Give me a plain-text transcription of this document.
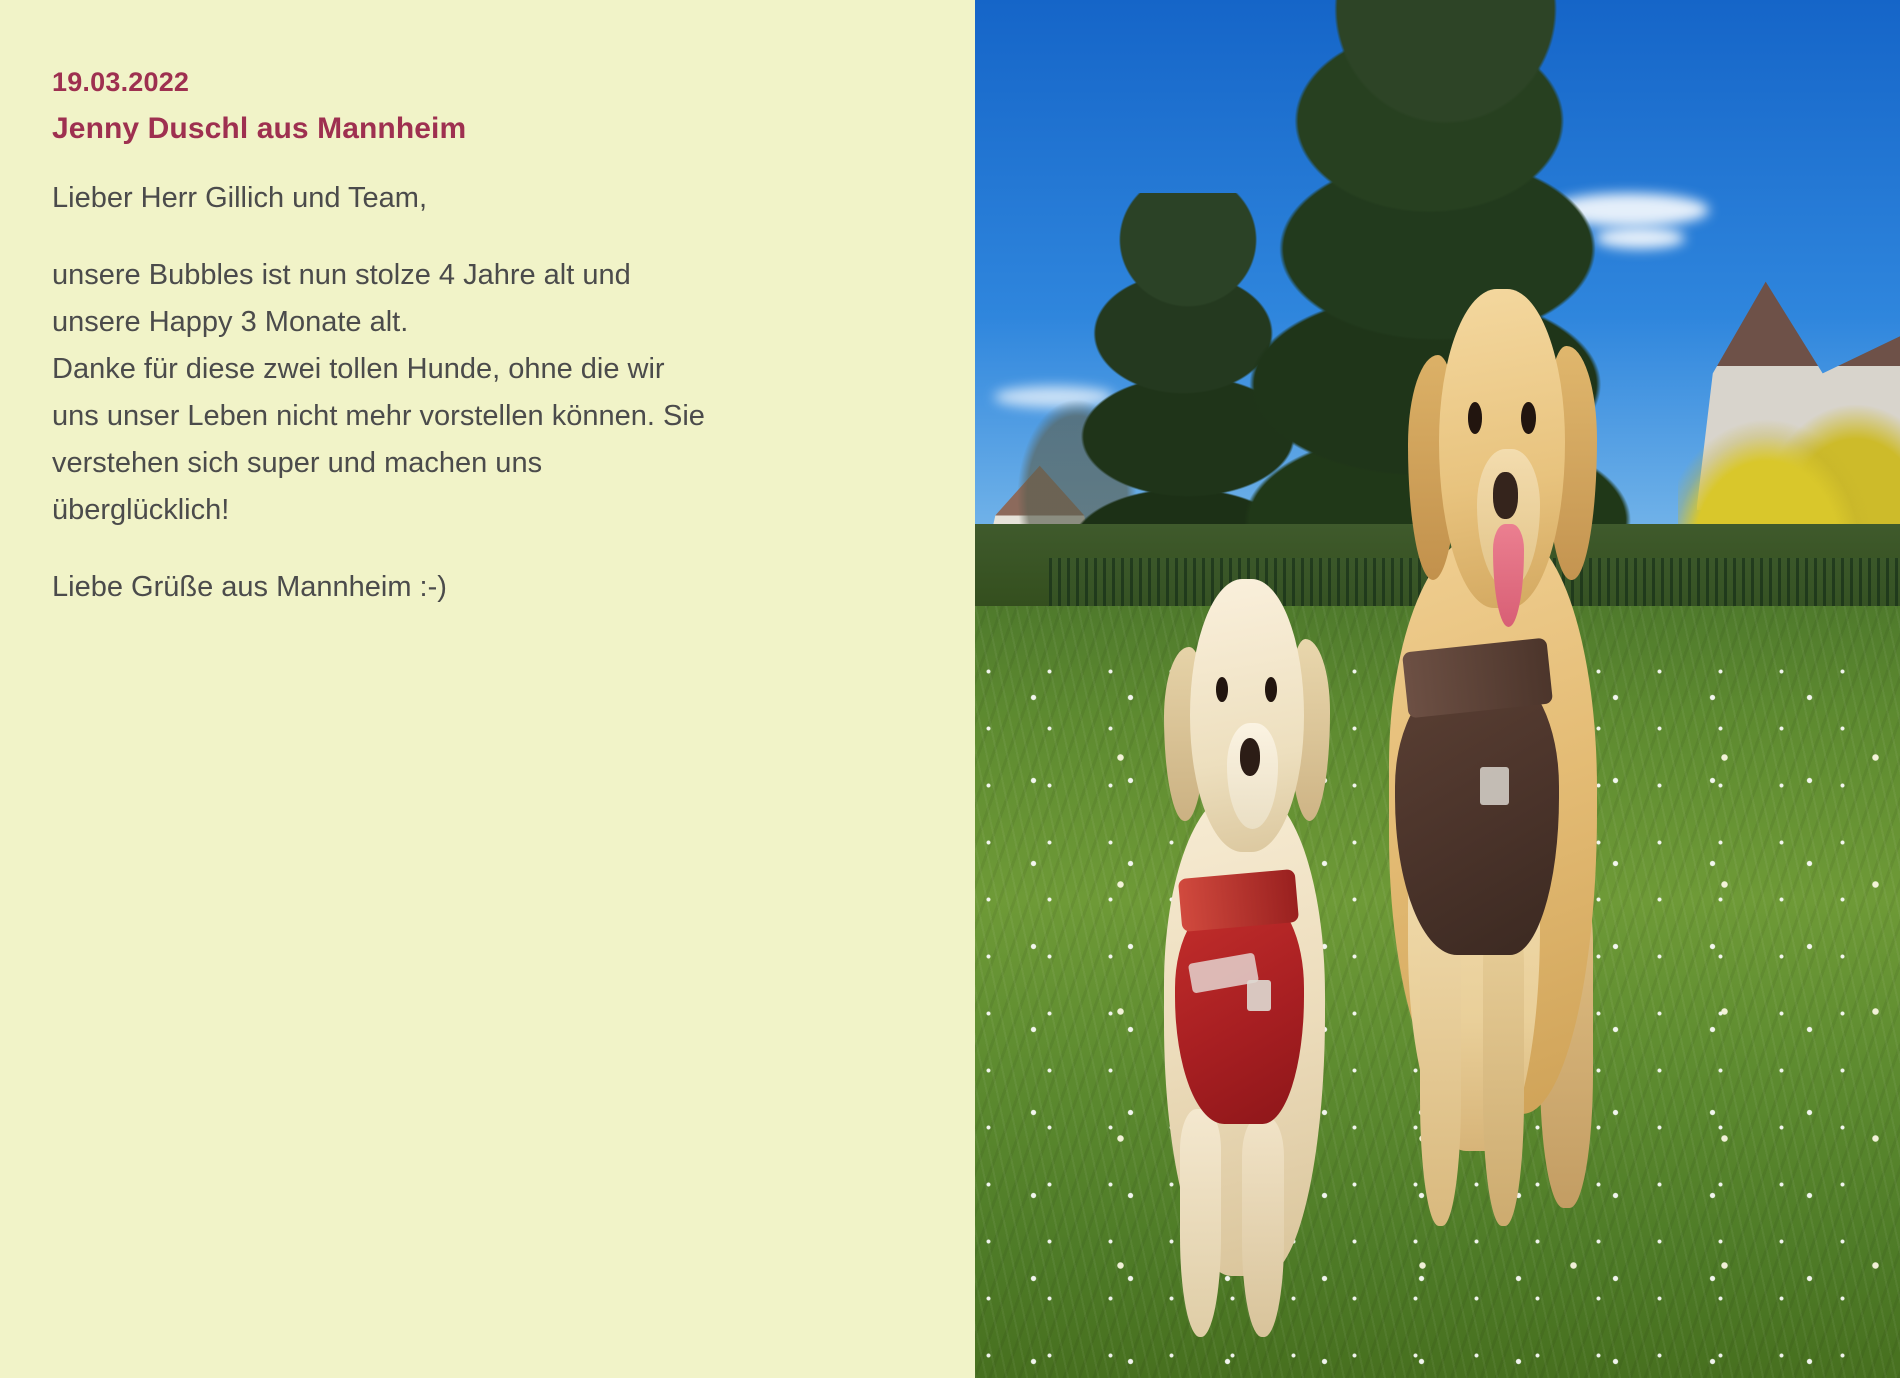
19.03.2022
Jenny Duschl aus Mannheim
Lieber Herr Gillich und Team,
unsere Bubbles ist nun stolze 4 Jahre alt und
unsere Happy 3 Monate alt.
Danke für diese zwei tollen Hunde, ohne die wir
uns unser Leben nicht mehr vorstellen können. Sie
verstehen sich super und machen uns
überglücklich!
Liebe Grüße aus Mannheim :-)
